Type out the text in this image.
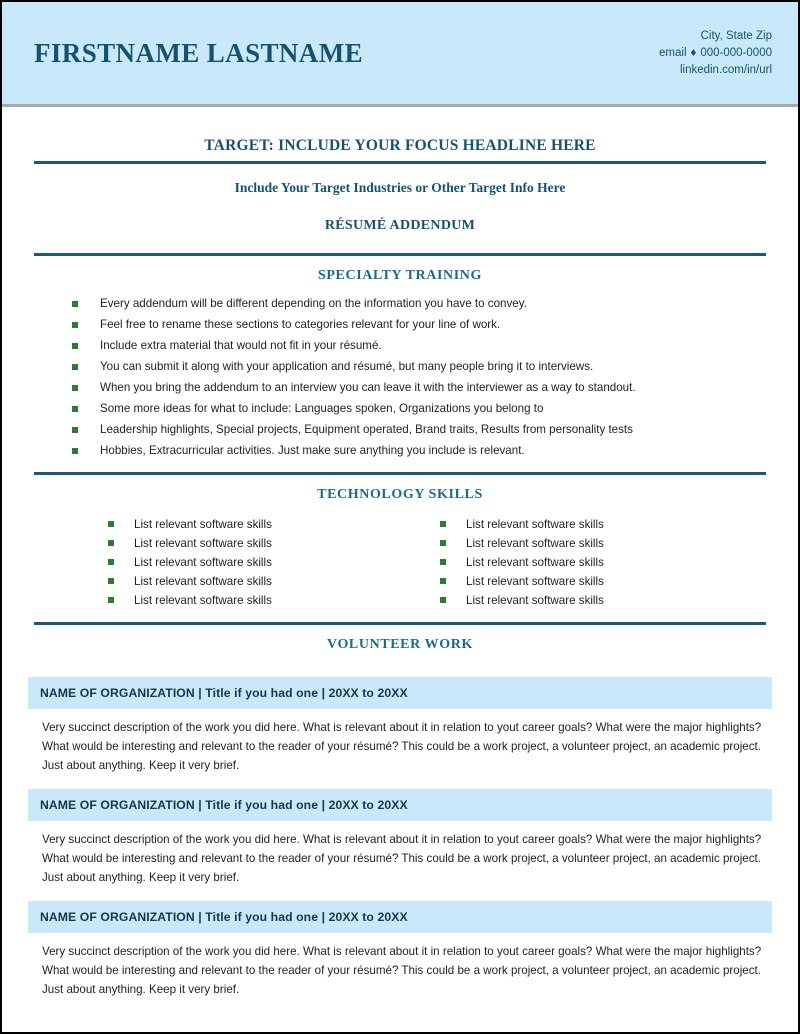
FIRSTNAME LASTNAME
City, State Zip
email ♦ 000-000-0000
linkedin.com/in/url
TARGET: INCLUDE YOUR FOCUS HEADLINE HERE
Include Your Target Industries or Other Target Info Here
RÉSUMÉ ADDENDUM
SPECIALTY TRAINING
Every addendum will be different depending on the information you have to convey.
Feel free to rename these sections to categories relevant for your line of work.
Include extra material that would not fit in your résumé.
You can submit it along with your application and résumé, but many people bring it to interviews.
When you bring the addendum to an interview you can leave it with the interviewer as a way to standout.
Some more ideas for what to include: Languages spoken, Organizations you belong to
Leadership highlights, Special projects, Equipment operated, Brand traits, Results from personality tests
Hobbies, Extracurricular activities. Just make sure anything you include is relevant.
TECHNOLOGY SKILLS
List relevant software skills
List relevant software skills
List relevant software skills
List relevant software skills
List relevant software skills
List relevant software skills
List relevant software skills
List relevant software skills
List relevant software skills
List relevant software skills
VOLUNTEER WORK
NAME OF ORGANIZATION | Title if you had one | 20XX to 20XX
Very succinct description of the work you did here. What is relevant about it in relation to yout career goals? What were the major highlights? What would be interesting and relevant to the reader of your résumé? This could be a work project, a volunteer project, an academic project. Just about anything. Keep it very brief.
NAME OF ORGANIZATION | Title if you had one | 20XX to 20XX
Very succinct description of the work you did here. What is relevant about it in relation to yout career goals? What were the major highlights? What would be interesting and relevant to the reader of your résumé? This could be a work project, a volunteer project, an academic project. Just about anything. Keep it very brief.
NAME OF ORGANIZATION | Title if you had one | 20XX to 20XX
Very succinct description of the work you did here. What is relevant about it in relation to yout career goals? What were the major highlights? What would be interesting and relevant to the reader of your résumé? This could be a work project, a volunteer project, an academic project. Just about anything. Keep it very brief.
